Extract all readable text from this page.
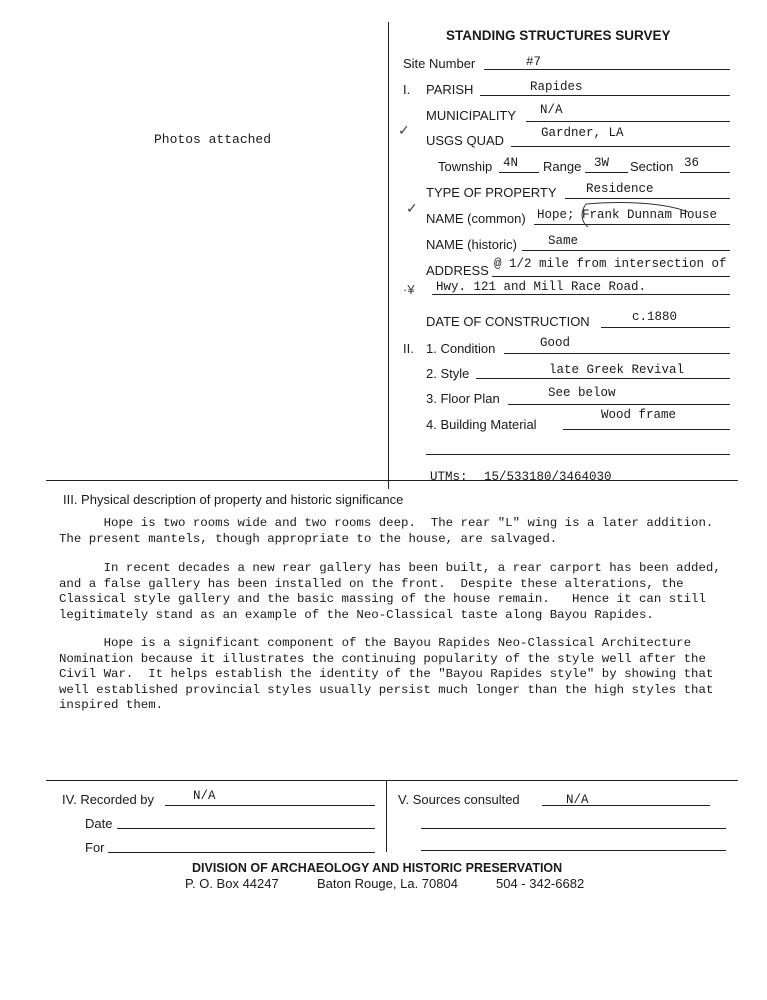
Photos attached
STANDING STRUCTURES SURVEY
Site Number	#7
I. PARISH	Rapides
MUNICIPALITY N/A
✓
USGS QUAD	Gardner, LA
Township 4N Range 3W Section 36
TYPE OF PROPERTY Residence
✓
NAME (common) Hope; Frank Dunnam House
NAME (historic) Same
ADDRESS @ 1/2 mile from intersection of
·¥ Hwy. 121 and Mill Race Road.
DATE OF CONSTRUCTION	c.1880
II. 1. Condition	Good
2. Style	late Greek Revival
3. Floor Plan	See below
4. Building Material
Wood frame
UTMs: 15/533180/3464030
III. Physical description of property and historic significance

Hope is two rooms wide and two rooms deep.  The rear "L" wing is a later addition. The present mantels, though appropriate to the house, are salvaged.

In recent decades a new rear gallery has been built, a rear carport has been added, and a false gallery has been installed on the front.  Despite these alterations, the Classical style gallery and the basic massing of the house remain.   Hence it can still legitimately stand as an example of the Neo-Classical taste along Bayou Rapides.

Hope is a significant component of the Bayou Rapides Neo-Classical Architecture Nomination because it illustrates the continuing popularity of the style well after the Civil War.  It helps establish the identity of the "Bayou Rapides style" by showing that well established provincial styles usually persist much longer than the high styles that inspired them.

IV. Recorded by	N/A
Date
For
V. Sources consulted	N/A
DIVISION OF ARCHAEOLOGY AND HISTORIC PRESERVATION
P. O. Box 44247	Baton Rouge, La. 70804	504 - 342-6682
